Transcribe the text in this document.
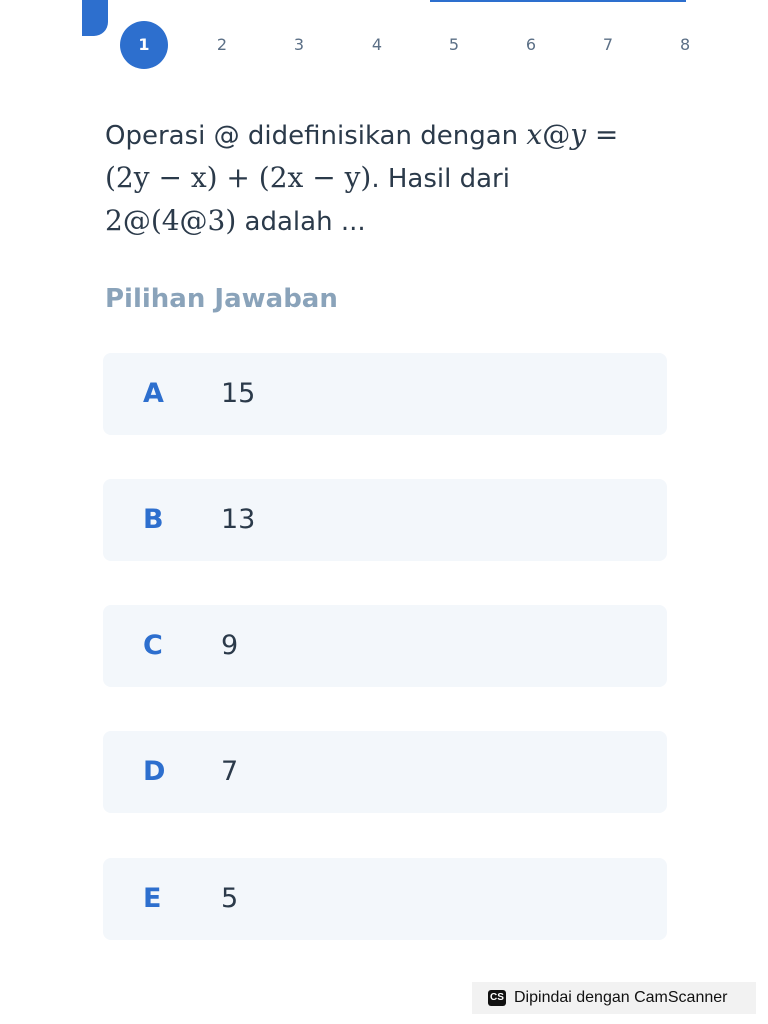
1	2	3	4	5	6	7	8
Operasi @ didefinisikan dengan x@y =
(2y − x) + (2x − y). Hasil dari
2@(4@3) adalah ...
Pilihan Jawaban
A 15
B 13
C 9
D 7
E 5
CS Dipindai dengan CamScanner
